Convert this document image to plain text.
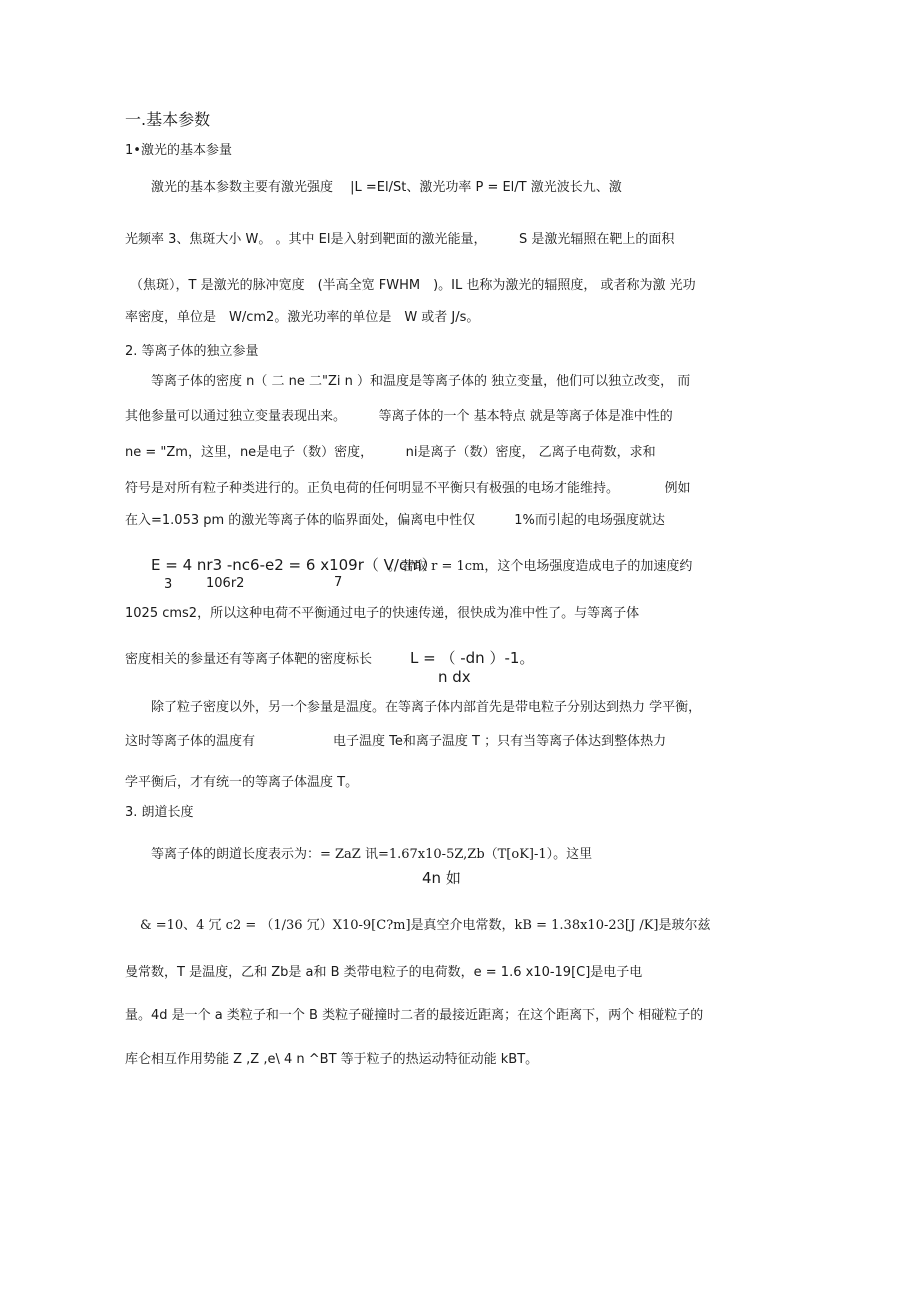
一.基本参数
1•激光的基本参量
激光的基本参数主要有激光强度　 |L =El/St、激光功率 P = El/T 激光波长九、激
光频率 3、焦斑大小 W。 。其中 El是入射到靶面的激光能量，　　　S 是激光辐照在靶上的面积
（焦斑），T 是激光的脉冲宽度　(半高全宽 FWHM　)。IL 也称为激光的辐照度， 或者称为激 光功
率密度，单位是　W/cm2。激光功率的单位是　W 或者 J/s。
2. 等离子体的独立参量
等离子体的密度 n（ 二 ne 二"Zi n ）和温度是等离子体的 独立变量，他们可以独立改变， 而
其他参量可以通过独立变量表现出来。　　　等离子体的一个 基本特点 就是等离子体是准中性的
ne = "Zm，这里，ne是电子（数）密度，　　　ni是离子（数）密度， 乙离子电荷数，求和
符号是对所有粒子种类进行的。正负电荷的任何明显不平衡只有极强的电场才能维持。　　　　例如
在入=1.053 pm 的激光等离子体的临界面处，偏离电中性仅　　　1%而引起的电场强度就达
E = 4 nr3 -nc6-e2 = 6 x109r（ V/cm）
。若取 r = 1cm，这个电场强度造成电子的加速度约
3	106r2	7
1025 cms2，所以这种电荷不平衡通过电子的快速传递，很快成为准中性了。与等离子体
密度相关的参量还有等离子体靶的密度标长	L = （ -dn ）-1。
n dx
除了粒子密度以外，另一个参量是温度。在等离子体内部首先是带电粒子分别达到热力 学平衡，
这时等离子体的温度有　　　　　　电子温度 Te和离子温度 T ；只有当等离子体达到整体热力
学平衡后，才有统一的等离子体温度 T。
3. 朗道长度
等离子体的朗道长度表示为：= ZaZ 讯=1.67x10-5Z,Zb（T[oK]-1）。这里
4n 如
& =10、4 冗 c2 = （1/36 冗）X10-9[C?m]是真空介电常数，kB = 1.38x10-23[J /K]是玻尔兹
曼常数，T 是温度，乙和 Zb是 a和 B 类带电粒子的电荷数，e = 1.6 x10-19[C]是电子电
量。4d 是一个 a 类粒子和一个 B 类粒子碰撞时二者的最接近距离；在这个距离下，两个 相碰粒子的
库仑相互作用势能 Z ,Z ,e\ 4 n ^BT 等于粒子的热运动特征动能 kBT。
